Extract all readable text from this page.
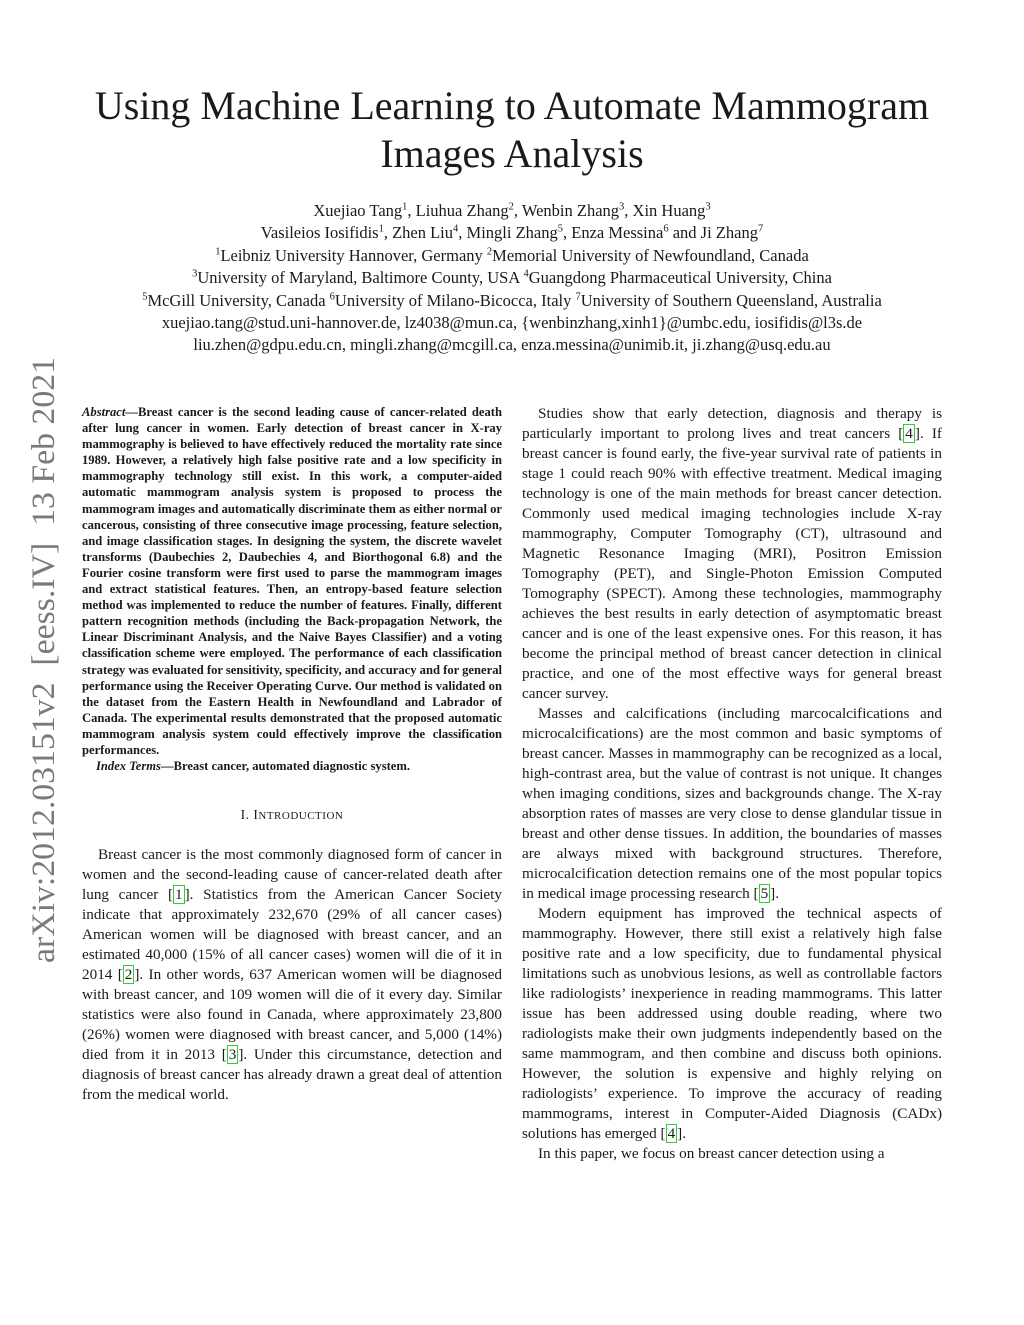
arXiv:2012.03151v2  [eess.IV]  13 Feb 2021
Using Machine Learning to Automate Mammogram
Images Analysis
Xuejiao Tang$^1$, Liuhua Zhang$^2$, Wenbin Zhang$^3$, Xin Huang$^3$
Vasileios Iosifidis$^1$, Zhen Liu$^4$, Mingli Zhang$^5$, Enza Messina$^6$ and Ji Zhang$^7$
$^1$Leibniz University Hannover, Germany $^2$Memorial University of Newfoundland, Canada
$^3$University of Maryland, Baltimore County, USA $^4$Guangdong Pharmaceutical University, China
$^5$McGill University, Canada $^6$University of Milano-Bicocca, Italy $^7$University of Southern Queensland, Australia
xuejiao.tang@stud.uni-hannover.de, lz4038@mun.ca, {wenbinzhang,xinh1}@umbc.edu, iosifidis@l3s.de
liu.zhen@gdpu.edu.cn, mingli.zhang@mcgill.ca, enza.messina@unimib.it, ji.zhang@usq.edu.au

Abstract—Breast cancer is the second leading cause of cancer-related death after lung cancer in women. Early detection of breast cancer in X-ray mammography is believed to have effectively reduced the mortality rate since 1989. However, a relatively high false positive rate and a low specificity in mammography technology still exist. In this work, a computer-aided automatic mammogram analysis system is proposed to process the mammogram images and automatically discriminate them as either normal or cancerous, consisting of three consecutive image processing, feature selection, and image classification stages. In designing the system, the discrete wavelet transforms (Daubechies 2, Daubechies 4, and Biorthogonal 6.8) and the Fourier cosine transform were first used to parse the mammogram images and extract statistical features. Then, an entropy-based feature selection method was implemented to reduce the number of features. Finally, different pattern recognition methods (including the Back-propagation Network, the Linear Discriminant Analysis, and the Naive Bayes Classifier) and a voting classification scheme were employed. The performance of each classification strategy was evaluated for sensitivity, specificity, and accuracy and for general performance using the Receiver Operating Curve. Our method is validated on the dataset from the Eastern Health in Newfoundland and Labrador of Canada. The experimental results demonstrated that the proposed automatic mammogram analysis system could effectively improve the classification performances.

Index Terms—Breast cancer, automated diagnostic system.

I. INTRODUCTION

Breast cancer is the most commonly diagnosed form of cancer in women and the second-leading cause of cancer-related death after lung cancer [ 1 ]. Statistics from the American Cancer Society indicate that approximately 232,670 (29% of all cancer cases) American women will be diagnosed with breast cancer, and an estimated 40,000 (15% of all cancer cases) women will die of it in 2014 [ 2 ]. In other words, 637 American women will be diagnosed with breast cancer, and 109 women will die of it every day. Similar statistics were also found in Canada, where approximately 23,800 (26%) women were diagnosed with breast cancer, and 5,000 (14%) died from it in 2013 [ 3 ]. Under this circumstance, detection and diagnosis of breast cancer has already drawn a great deal of attention from the medical world.

Studies show that early detection, diagnosis and therapy is particularly important to prolong lives and treat cancers [ 4 ]. If breast cancer is found early, the five-year survival rate of patients in stage 1 could reach 90% with effective treatment. Medical imaging technology is one of the main methods for breast cancer detection. Commonly used medical imaging technologies include X-ray mammography, Computer Tomography (CT), ultrasound and Magnetic Resonance Imaging (MRI), Positron Emission Tomography (PET), and Single-Photon Emission Computed Tomography (SPECT). Among these technologies, mammography achieves the best results in early detection of asymptomatic breast cancer and is one of the least expensive ones. For this reason, it has become the principal method of breast cancer detection in clinical practice, and one of the most effective ways for general breast cancer survey.

Masses and calcifications (including marcocalcifications and microcalcifications) are the most common and basic symptoms of breast cancer. Masses in mammography can be recognized as a local, high-contrast area, but the value of contrast is not unique. It changes when imaging conditions, sizes and backgrounds change. The X-ray absorption rates of masses are very close to dense glandular tissue in breast and other dense tissues. In addition, the boundaries of masses are always mixed with background structures. Therefore, microcalcification detection remains one of the most popular topics in medical image processing research [ 5 ].

Modern equipment has improved the technical aspects of mammography. However, there still exist a relatively high false positive rate and a low specificity, due to fundamental physical limitations such as unobvious lesions, as well as controllable factors like radiologists’ inexperience in reading mammograms. This latter issue has been addressed using double reading, where two radiologists make their own judgments independently based on the same mammogram, and then combine and discuss both opinions. However, the solution is expensive and highly relying on radiologists’ experience. To improve the accuracy of reading mammograms, interest in Computer-Aided Diagnosis (CADx) solutions has emerged [ 4 ].

In this paper, we focus on breast cancer detection using a
